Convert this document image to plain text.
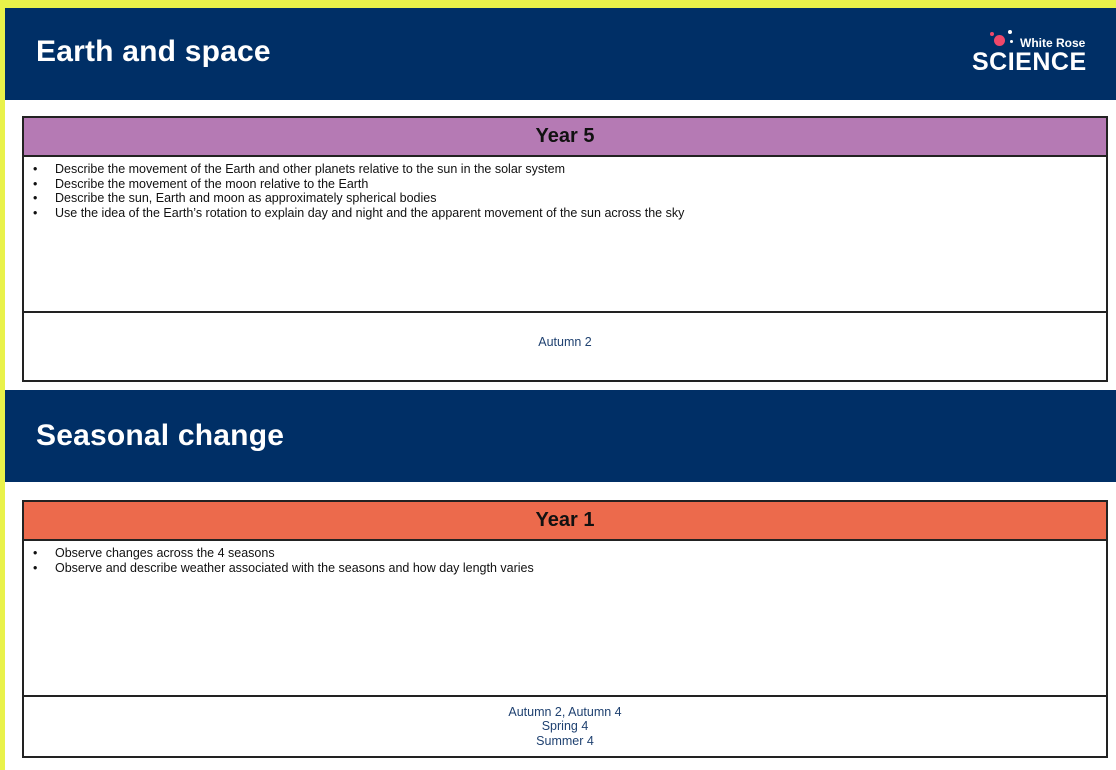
Earth and space	White Rose
SCIENCE
Year 5
• Describe the movement of the Earth and other planets relative to the sun in the solar system
• Describe the movement of the moon relative to the Earth
• Describe the sun, Earth and moon as approximately spherical bodies
• Use the idea of the Earth’s rotation to explain day and night and the apparent movement of the sun across the sky
Autumn 2
Seasonal change
Year 1
• Observe changes across the 4 seasons
• Observe and describe weather associated with the seasons and how day length varies
Autumn 2, Autumn 4
Spring 4
Summer 4
